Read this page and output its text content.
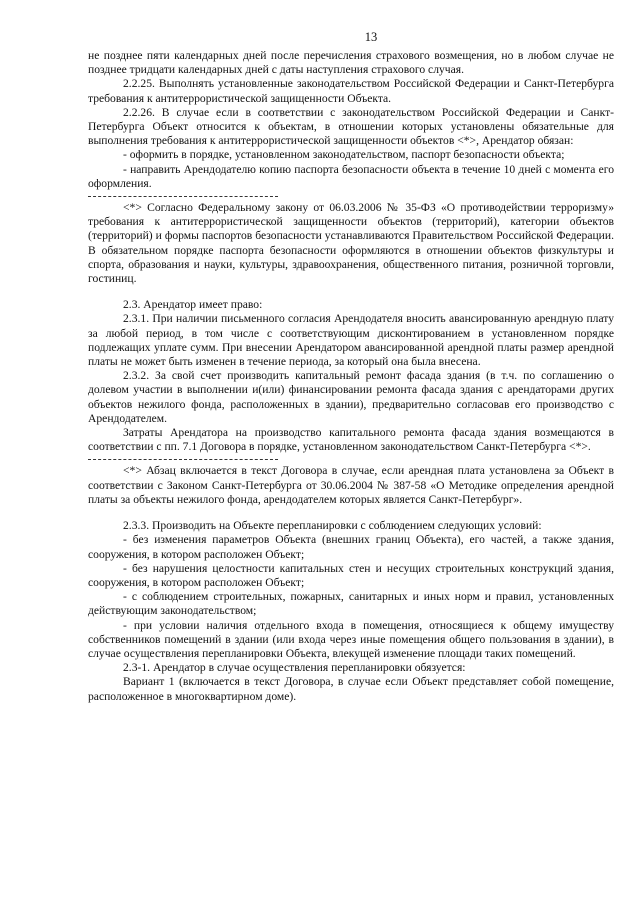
13

не позднее пяти календарных дней после перечисления страхового возмещения, но в любом случае не позднее тридцати календарных дней с даты наступления страхового случая.

2.2.25. Выполнять установленные законодательством Российской Федерации и Санкт-Петербурга требования к антитеррористической защищенности Объекта.

2.2.26. В случае если в соответствии с законодательством Российской Федерации и Санкт-Петербурга Объект относится к объектам, в отношении которых установлены обязательные для выполнения требования к антитеррористической защищенности объектов <*>, Арендатор обязан:

- оформить в порядке, установленном законодательством, паспорт безопасности объекта;

- направить Арендодателю копию паспорта безопасности объекта в течение 10 дней с момента его оформления.

<*> Согласно Федеральному закону от 06.03.2006 № 35-ФЗ «О противодействии терроризму» требования к антитеррористической защищенности объектов (территорий), категории объектов (территорий) и формы паспортов безопасности устанавливаются Правительством Российской Федерации. В обязательном порядке паспорта безопасности оформляются в отношении объектов физкультуры и спорта, образования и науки, культуры, здравоохранения, общественного питания, розничной торговли, гостиниц.

2.3. Арендатор имеет право:

2.3.1. При наличии письменного согласия Арендодателя вносить авансированную арендную плату за любой период, в том числе с соответствующим дисконтированием в установленном порядке подлежащих уплате сумм. При внесении Арендатором авансированной арендной платы размер арендной платы не может быть изменен в течение периода, за который она была внесена.

2.3.2. За свой счет производить капитальный ремонт фасада здания (в т.ч. по соглашению о долевом участии в выполнении и(или) финансировании ремонта фасада здания с арендаторами других объектов нежилого фонда, расположенных в здании), предварительно согласовав его производство с Арендодателем.

Затраты Арендатора на производство капитального ремонта фасада здания возмещаются в соответствии с пп. 7.1 Договора в порядке, установленном законодательством Санкт-Петербурга <*>.

<*> Абзац включается в текст Договора в случае, если арендная плата установлена за Объект в соответствии с Законом Санкт-Петербурга от 30.06.2004 № 387-58 «О Методике определения арендной платы за объекты нежилого фонда, арендодателем которых является Санкт-Петербург».

2.3.3. Производить на Объекте перепланировки с соблюдением следующих условий:

- без изменения параметров Объекта (внешних границ Объекта), его частей, а также здания, сооружения, в котором расположен Объект;

- без нарушения целостности капитальных стен и несущих строительных конструкций здания, сооружения, в котором расположен Объект;

- с соблюдением строительных, пожарных, санитарных и иных норм и правил, установленных действующим законодательством;

- при условии наличия отдельного входа в помещения, относящиеся к общему имуществу собственников помещений в здании (или входа через иные помещения общего пользования в здании), в случае осуществления перепланировки Объекта, влекущей изменение площади таких помещений.

2.3-1. Арендатор в случае осуществления перепланировки обязуется:

Вариант 1 (включается в текст Договора, в случае если Объект представляет собой помещение, расположенное в многоквартирном доме).
